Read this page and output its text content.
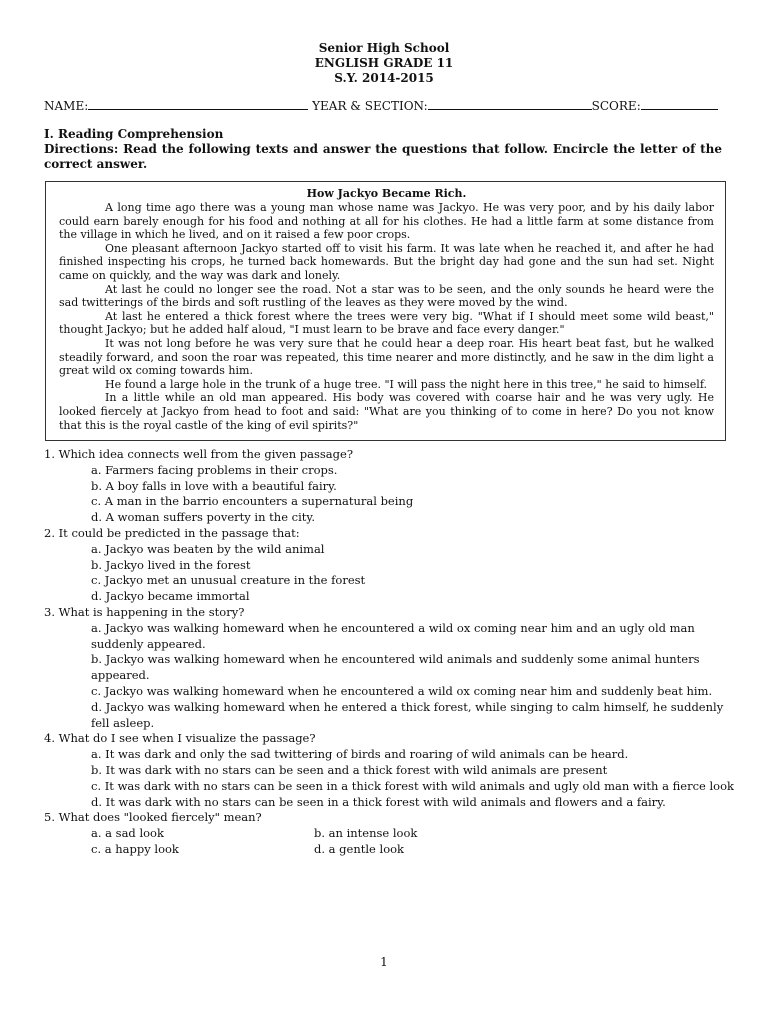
Senior High School
ENGLISH GRADE 11
S.Y. 2014-2015
NAME:	YEAR & SECTION:	SCORE:
I. Reading Comprehension
Directions: Read the following texts and answer the questions that follow. Encircle the letter of the correct answer.
How Jackyo Became Rich.

A long time ago there was a young man whose name was Jackyo. He was very poor, and by his daily labor could earn barely enough for his food and nothing at all for his clothes. He had a little farm at some distance from the village in which he lived, and on it raised a few poor crops.

One pleasant afternoon Jackyo started off to visit his farm. It was late when he reached it, and after he had finished inspecting his crops, he turned back homewards. But the bright day had gone and the sun had set. Night came on quickly, and the way was dark and lonely.

At last he could no longer see the road. Not a star was to be seen, and the only sounds he heard were the sad twitterings of the birds and soft rustling of the leaves as they were moved by the wind.

At last he entered a thick forest where the trees were very big. "What if I should meet some wild beast," thought Jackyo; but he added half aloud, "I must learn to be brave and face every danger."

It was not long before he was very sure that he could hear a deep roar. His heart beat fast, but he walked steadily forward, and soon the roar was repeated, this time nearer and more distinctly, and he saw in the dim light a great wild ox coming towards him.

He found a large hole in the trunk of a huge tree. "I will pass the night here in this tree," he said to himself.

In a little while an old man appeared. His body was covered with coarse hair and he was very ugly. He looked fiercely at Jackyo from head to foot and said: "What are you thinking of to come in here? Do you not know that this is the royal castle of the king of evil spirits?"

1. Which idea connects well from the given passage?
a. Farmers facing problems in their crops.
b. A boy falls in love with a beautiful fairy.
c. A man in the barrio encounters a supernatural being
d. A woman suffers poverty in the city.
2. It could be predicted in the passage that:
a. Jackyo was beaten by the wild animal
b. Jackyo lived in the forest
c. Jackyo met an unusual creature in the forest
d. Jackyo became immortal
3. What is happening in the story?
a. Jackyo was walking homeward when he encountered a wild ox coming near him and an ugly old man suddenly appeared.
b. Jackyo was walking homeward when he encountered wild animals and suddenly some animal hunters appeared.
c. Jackyo was walking homeward when he encountered a wild ox coming near him and suddenly beat him.
d. Jackyo was walking homeward when he entered a thick forest, while singing to calm himself, he suddenly fell asleep.
4. What do I see when I visualize the passage?
a. It was dark and only the sad twittering of birds and roaring of wild animals can be heard.
b. It was dark with no stars can be seen and a thick forest with wild animals are present
c. It was dark with no stars can be seen in a thick forest with wild animals and ugly old man with a fierce look
d. It was dark with no stars can be seen in a thick forest with wild animals and flowers and a fairy.
5. What does "looked fiercely" mean?
a. a sad look	b. an intense look
c. a happy look	d. a gentle look
1
